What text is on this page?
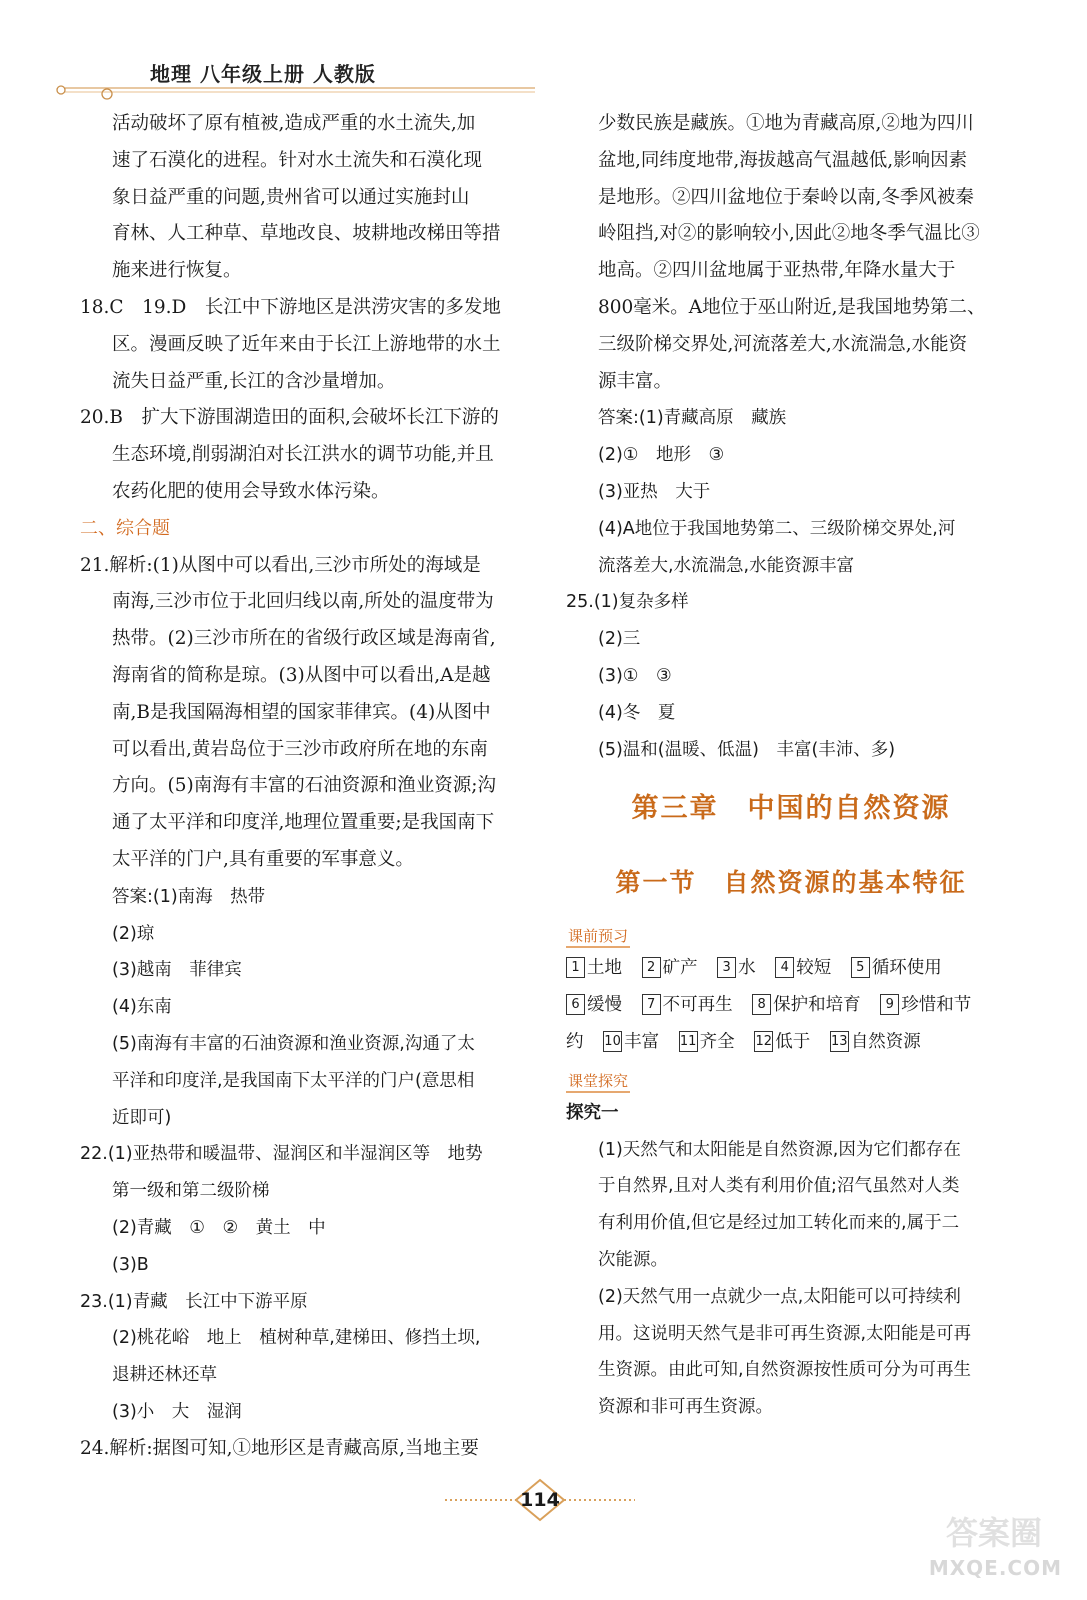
地理 八年级上册 人教版
活动破坏了原有植被,造成严重的水土流失,加
速了石漠化的进程。针对水土流失和石漠化现
象日益严重的问题,贵州省可以通过实施封山
育林、人工种草、草地改良、坡耕地改梯田等措
施来进行恢复。
18.C　19.D　长江中下游地区是洪涝灾害的多发地
区。漫画反映了近年来由于长江上游地带的水土
流失日益严重,长江的含沙量增加。
20.B　扩大下游围湖造田的面积,会破坏长江下游的
生态环境,削弱湖泊对长江洪水的调节功能,并且
农药化肥的使用会导致水体污染。
二、综合题
21.解析:(1)从图中可以看出,三沙市所处的海域是
南海,三沙市位于北回归线以南,所处的温度带为
热带。(2)三沙市所在的省级行政区域是海南省,
海南省的简称是琼。(3)从图中可以看出,A是越
南,B是我国隔海相望的国家菲律宾。(4)从图中
可以看出,黄岩岛位于三沙市政府所在地的东南
方向。(5)南海有丰富的石油资源和渔业资源;沟
通了太平洋和印度洋,地理位置重要;是我国南下
太平洋的门户,具有重要的军事意义。
答案:(1)南海　热带
(2)琼
(3)越南　菲律宾
(4)东南
(5)南海有丰富的石油资源和渔业资源,沟通了太
平洋和印度洋,是我国南下太平洋的门户(意思相
近即可)
22.(1)亚热带和暖温带、湿润区和半湿润区等　地势
第一级和第二级阶梯
(2)青藏　①　②　黄土　中
(3)B
23.(1)青藏　长江中下游平原
(2)桃花峪　地上　植树种草,建梯田、修挡土坝,
退耕还林还草
(3)小　大　湿润
24.解析:据图可知,①地形区是青藏高原,当地主要
少数民族是藏族。①地为青藏高原,②地为四川
盆地,同纬度地带,海拔越高气温越低,影响因素
是地形。②四川盆地位于秦岭以南,冬季风被秦
岭阻挡,对②的影响较小,因此②地冬季气温比③
地高。②四川盆地属于亚热带,年降水量大于
800毫米。A地位于巫山附近,是我国地势第二、
三级阶梯交界处,河流落差大,水流湍急,水能资
源丰富。
答案:(1)青藏高原　藏族
(2)①　地形　③
(3)亚热　大于
(4)A地位于我国地势第二、三级阶梯交界处,河
流落差大,水流湍急,水能资源丰富
25.(1)复杂多样
(2)三
(3)①　③
(4)冬　夏
(5)温和(温暖、低温)　丰富(丰沛、多)
第三章　中国的自然资源
第一节　自然资源的基本特征
课前预习
1 土地 2 矿产 3 水 4 较短 5 循环使用
6 缓慢 7 不可再生 8 保护和培育 9 珍惜和节
约 10 丰富 11 齐全 12 低于 13 自然资源
课堂探究
探究一
(1)天然气和太阳能是自然资源,因为它们都存在
于自然界,且对人类有利用价值;沼气虽然对人类
有利用价值,但它是经过加工转化而来的,属于二
次能源。
(2)天然气用一点就少一点,太阳能可以可持续利
用。这说明天然气是非可再生资源,太阳能是可再
生资源。由此可知,自然资源按性质可分为可再生
资源和非可再生资源。
114
答案圈
MXQE.COM
